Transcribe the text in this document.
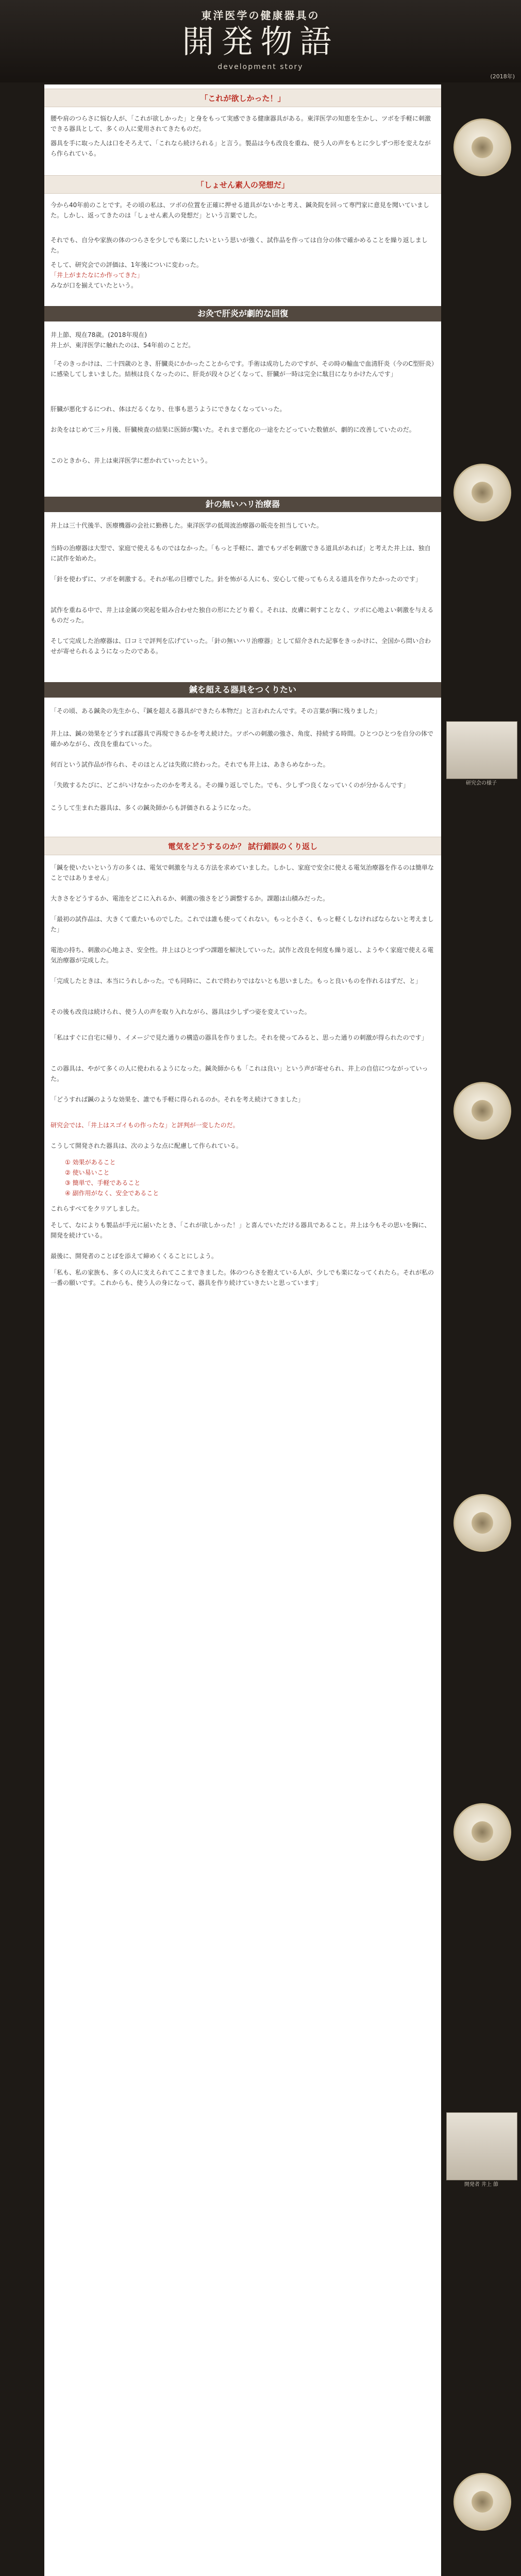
東洋医学の健康器具の
開発物語
development story
(2018年)
「これが欲しかった！」

腰や肩のつらさに悩む人が、「これが欲しかった」と身をもって実感できる健康器具がある。東洋医学の知恵を生かし、ツボを手軽に刺激できる器具として、多くの人に愛用されてきたものだ。

器具を手に取った人は口をそろえて、「これなら続けられる」と言う。製品は今も改良を重ね、使う人の声をもとに少しずつ形を変えながら作られている。

「しょせん素人の発想だ」

今から40年前のことです。その頃の私は、ツボの位置を正確に押せる道具がないかと考え、鍼灸院を回って専門家に意見を聞いていました。しかし、返ってきたのは「しょせん素人の発想だ」という言葉でした。

それでも、自分や家族の体のつらさを少しでも楽にしたいという思いが強く、試作品を作っては自分の体で確かめることを繰り返しました。

そして、研究会での評価は、1年後についに変わった。

「井上がまたなにか作ってきた」

みなが口を揃えていたという。

お灸で肝炎が劇的な回復

井上節、現在78歳。(2018年現在)

井上が、東洋医学に触れたのは、54年前のことだ。

「そのきっかけは、二十四歳のとき、肝臓炎にかかったことからです。手術は成功したのですが、その時の輸血で血清肝炎（今のC型肝炎）に感染してしまいました。結核は良くなったのに、肝炎が段々ひどくなって、肝臓が一時は完全に駄目になりかけたんです」

肝臓が悪化するにつれ、体はだるくなり、仕事も思うようにできなくなっていった。

お灸をはじめて三ヶ月後、肝臓検査の結果に医師が驚いた。それまで悪化の一途をたどっていた数値が、劇的に改善していたのだ。

このときから、井上は東洋医学に惹かれていったという。

針の無いハリ治療器

井上は三十代後半、医療機器の会社に勤務した。東洋医学の低周波治療器の販売を担当していた。

当時の治療器は大型で、家庭で使えるものではなかった。「もっと手軽に、誰でもツボを刺激できる道具があれば」と考えた井上は、独自に試作を始めた。

「針を使わずに、ツボを刺激する。それが私の目標でした。針を怖がる人にも、安心して使ってもらえる道具を作りたかったのです」

試作を重ねる中で、井上は金属の突起を組み合わせた独自の形にたどり着く。それは、皮膚に刺すことなく、ツボに心地よい刺激を与えるものだった。

そして完成した治療器は、口コミで評判を広げていった。「針の無いハリ治療器」として紹介された記事をきっかけに、全国から問い合わせが寄せられるようになったのである。

鍼を超える器具をつくりたい

「その頃、ある鍼灸の先生から、『鍼を超える器具ができたら本物だ』と言われたんです。その言葉が胸に残りました」

井上は、鍼の効果をどうすれば器具で再現できるかを考え続けた。ツボへの刺激の強さ、角度、持続する時間。ひとつひとつを自分の体で確かめながら、改良を重ねていった。

何百という試作品が作られ、そのほとんどは失敗に終わった。それでも井上は、あきらめなかった。

「失敗するたびに、どこがいけなかったのかを考える。その繰り返しでした。でも、少しずつ良くなっていくのが分かるんです」

こうして生まれた器具は、多くの鍼灸師からも評価されるようになった。

電気をどうするのか？ 試行錯誤のくり返し

「鍼を使いたいという方の多くは、電気で刺激を与える方法を求めていました。しかし、家庭で安全に使える電気治療器を作るのは簡単なことではありません」

大きさをどうするか、電池をどこに入れるか、刺激の強さをどう調整するか。課題は山積みだった。

「最初の試作品は、大きくて重たいものでした。これでは誰も使ってくれない。もっと小さく、もっと軽くしなければならないと考えました」

電池の持ち、刺激の心地よさ、安全性。井上はひとつずつ課題を解決していった。試作と改良を何度も繰り返し、ようやく家庭で使える電気治療器が完成した。

「完成したときは、本当にうれしかった。でも同時に、これで終わりではないとも思いました。もっと良いものを作れるはずだ、と」

その後も改良は続けられ、使う人の声を取り入れながら、器具は少しずつ姿を変えていった。

「私はすぐに自宅に帰り、イメージで見た通りの構造の器具を作りました。それを使ってみると、思った通りの刺激が得られたのです」

この器具は、やがて多くの人に使われるようになった。鍼灸師からも「これは良い」という声が寄せられ、井上の自信につながっていった。

「どうすれば鍼のような効果を、誰でも手軽に得られるのか。それを考え続けてきました」

研究会では、「井上はスゴイもの作ったな」と評判が一変したのだ。

こうして開発された器具は、次のような点に配慮して作られている。

① 効果があること
② 使い易いこと
③ 簡単で、手軽であること
④ 副作用がなく、安全であること

これらすべてをクリアしました。

そして、なによりも製品が手元に届いたとき、「これが欲しかった！」と喜んでいただける器具であること。井上は今もその思いを胸に、開発を続けている。

最後に、開発者のことばを添えて締めくくることにしよう。

「私も、私の家族も、多くの人に支えられてここまできました。体のつらさを抱えている人が、少しでも楽になってくれたら。それが私の一番の願いです。これからも、使う人の身になって、器具を作り続けていきたいと思っています」

研究会の様子
開発者 井上 節
